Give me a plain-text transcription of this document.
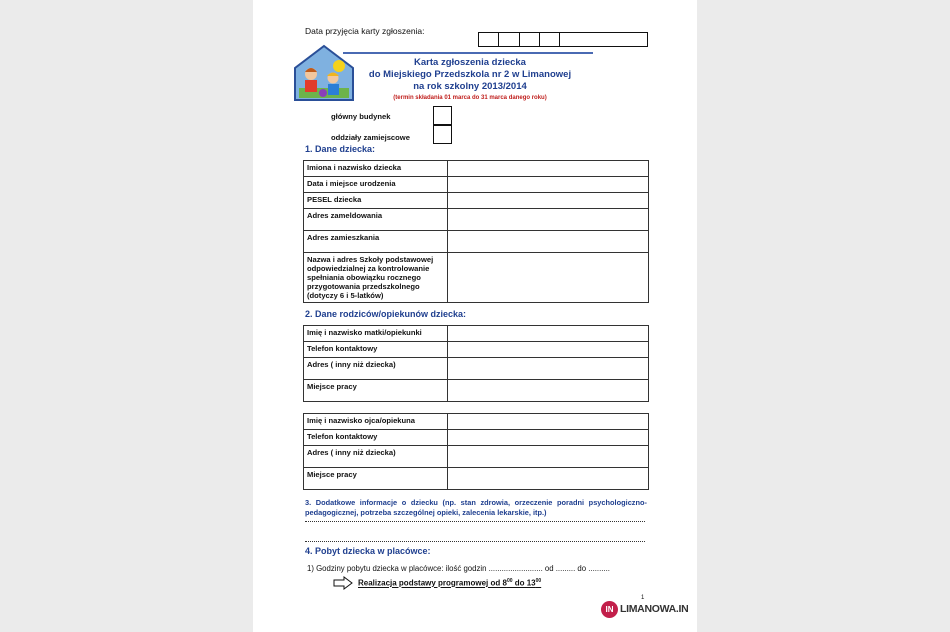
Data przyjęcia karty zgłoszenia:
Karta zgłoszenia dziecka
do Miejskiego Przedszkola nr 2 w Limanowej
na rok szkolny 2013/2014
(termin składania 01 marca do 31 marca danego roku)
główny budynek
oddziały zamiejscowe
1. Dane dziecka:
Imiona i nazwisko dziecka	
Data i miejsce urodzenia	
PESEL dziecka	
Adres zameldowania	
Adres zamieszkania	
Nazwa i adres Szkoły podstawowej odpowiedzialnej za kontrolowanie spełniania obowiązku rocznego przygotowania przedszkolnego (dotyczy 6 i 5-latków)	
2. Dane rodziców/opiekunów dziecka:
Imię i nazwisko matki/opiekunki	
Telefon kontaktowy	
Adres ( inny niż dziecka)	
Miejsce pracy	
Imię i nazwisko ojca/opiekuna	
Telefon kontaktowy	
Adres ( inny niż dziecka)	
Miejsce pracy	
3. Dodatkowe informacje o dziecku (np. stan zdrowia, orzeczenie poradni psychologiczno-pedagogicznej, potrzeba szczególnej opieki, zalecenia lekarskie, itp.)
4. Pobyt dziecka w placówce:
1) Godziny pobytu dziecka w placówce: ilość godzin ......................... od ......... do ..........
Realizacja podstawy programowej od $8^{00}$ do $13^{00}$
1
IN LIMANOWA.IN
